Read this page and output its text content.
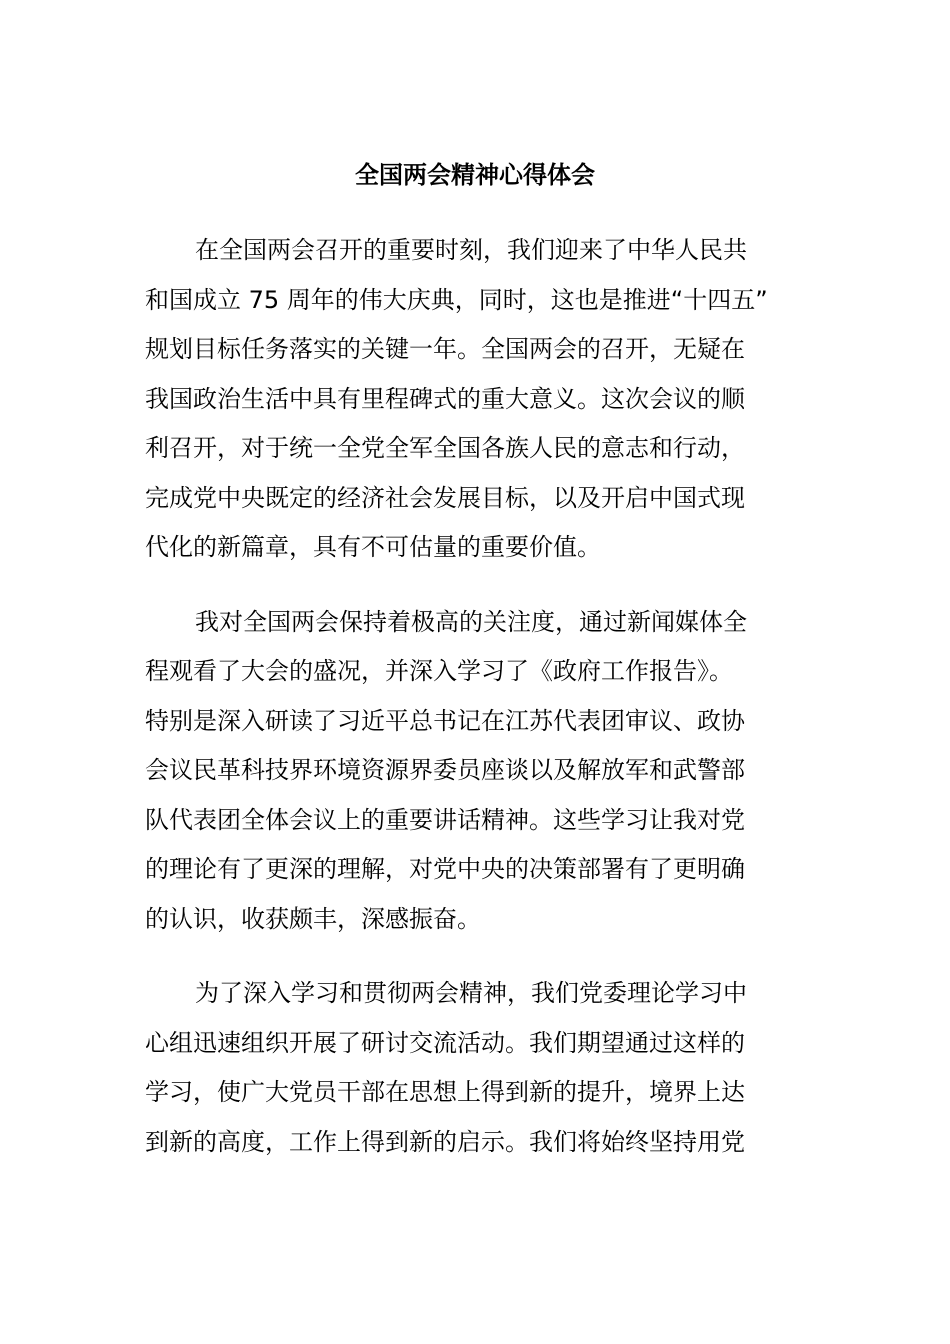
全国两会精神心得体会

在全国两会召开的重要时刻，我们迎来了中华人民共
和国成立 75 周年的伟大庆典，同时，这也是推进“十四五”
规划目标任务落实的关键一年。全国两会的召开，无疑在
我国政治生活中具有里程碑式的重大意义。这次会议的顺
利召开，对于统一全党全军全国各族人民的意志和行动，
完成党中央既定的经济社会发展目标，以及开启中国式现
代化的新篇章，具有不可估量的重要价值。

我对全国两会保持着极高的关注度，通过新闻媒体全
程观看了大会的盛况，并深入学习了《政府工作报告》。
特别是深入研读了习近平总书记在江苏代表团审议、政协
会议民革科技界环境资源界委员座谈以及解放军和武警部
队代表团全体会议上的重要讲话精神。这些学习让我对党
的理论有了更深的理解，对党中央的决策部署有了更明确
的认识，收获颇丰，深感振奋。

为了深入学习和贯彻两会精神，我们党委理论学习中
心组迅速组织开展了研讨交流活动。我们期望通过这样的
学习，使广大党员干部在思想上得到新的提升，境界上达
到新的高度，工作上得到新的启示。我们将始终坚持用党
